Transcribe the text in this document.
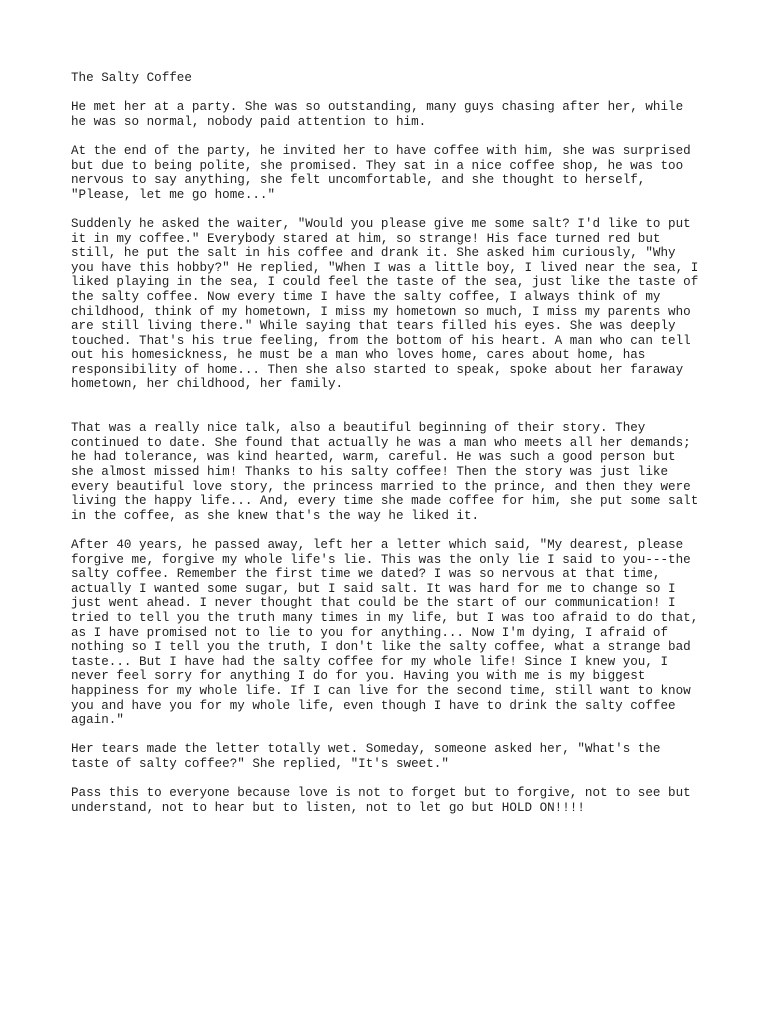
The Salty Coffee
He met her at a party. She was so outstanding, many guys chasing after her, while
he was so normal, nobody paid attention to him.
At the end of the party, he invited her to have coffee with him, she was surprised
but due to being polite, she promised. They sat in a nice coffee shop, he was too
nervous to say anything, she felt uncomfortable, and she thought to herself,
"Please, let me go home..."
Suddenly he asked the waiter, "Would you please give me some salt? I'd like to put
it in my coffee." Everybody stared at him, so strange! His face turned red but
still, he put the salt in his coffee and drank it. She asked him curiously, "Why
you have this hobby?" He replied, "When I was a little boy, I lived near the sea, I
liked playing in the sea, I could feel the taste of the sea, just like the taste of
the salty coffee. Now every time I have the salty coffee, I always think of my
childhood, think of my hometown, I miss my hometown so much, I miss my parents who
are still living there." While saying that tears filled his eyes. She was deeply
touched. That's his true feeling, from the bottom of his heart. A man who can tell
out his homesickness, he must be a man who loves home, cares about home, has
responsibility of home... Then she also started to speak, spoke about her faraway
hometown, her childhood, her family.
That was a really nice talk, also a beautiful beginning of their story. They
continued to date. She found that actually he was a man who meets all her demands;
he had tolerance, was kind hearted, warm, careful. He was such a good person but
she almost missed him! Thanks to his salty coffee! Then the story was just like
every beautiful love story, the princess married to the prince, and then they were
living the happy life... And, every time she made coffee for him, she put some salt
in the coffee, as she knew that's the way he liked it.
After 40 years, he passed away, left her a letter which said, "My dearest, please
forgive me, forgive my whole life's lie. This was the only lie I said to you---the
salty coffee. Remember the first time we dated? I was so nervous at that time,
actually I wanted some sugar, but I said salt. It was hard for me to change so I
just went ahead. I never thought that could be the start of our communication! I
tried to tell you the truth many times in my life, but I was too afraid to do that,
as I have promised not to lie to you for anything... Now I'm dying, I afraid of
nothing so I tell you the truth, I don't like the salty coffee, what a strange bad
taste... But I have had the salty coffee for my whole life! Since I knew you, I
never feel sorry for anything I do for you. Having you with me is my biggest
happiness for my whole life. If I can live for the second time, still want to know
you and have you for my whole life, even though I have to drink the salty coffee
again."
Her tears made the letter totally wet. Someday, someone asked her, "What's the
taste of salty coffee?" She replied, "It's sweet."
Pass this to everyone because love is not to forget but to forgive, not to see but
understand, not to hear but to listen, not to let go but HOLD ON!!!!
